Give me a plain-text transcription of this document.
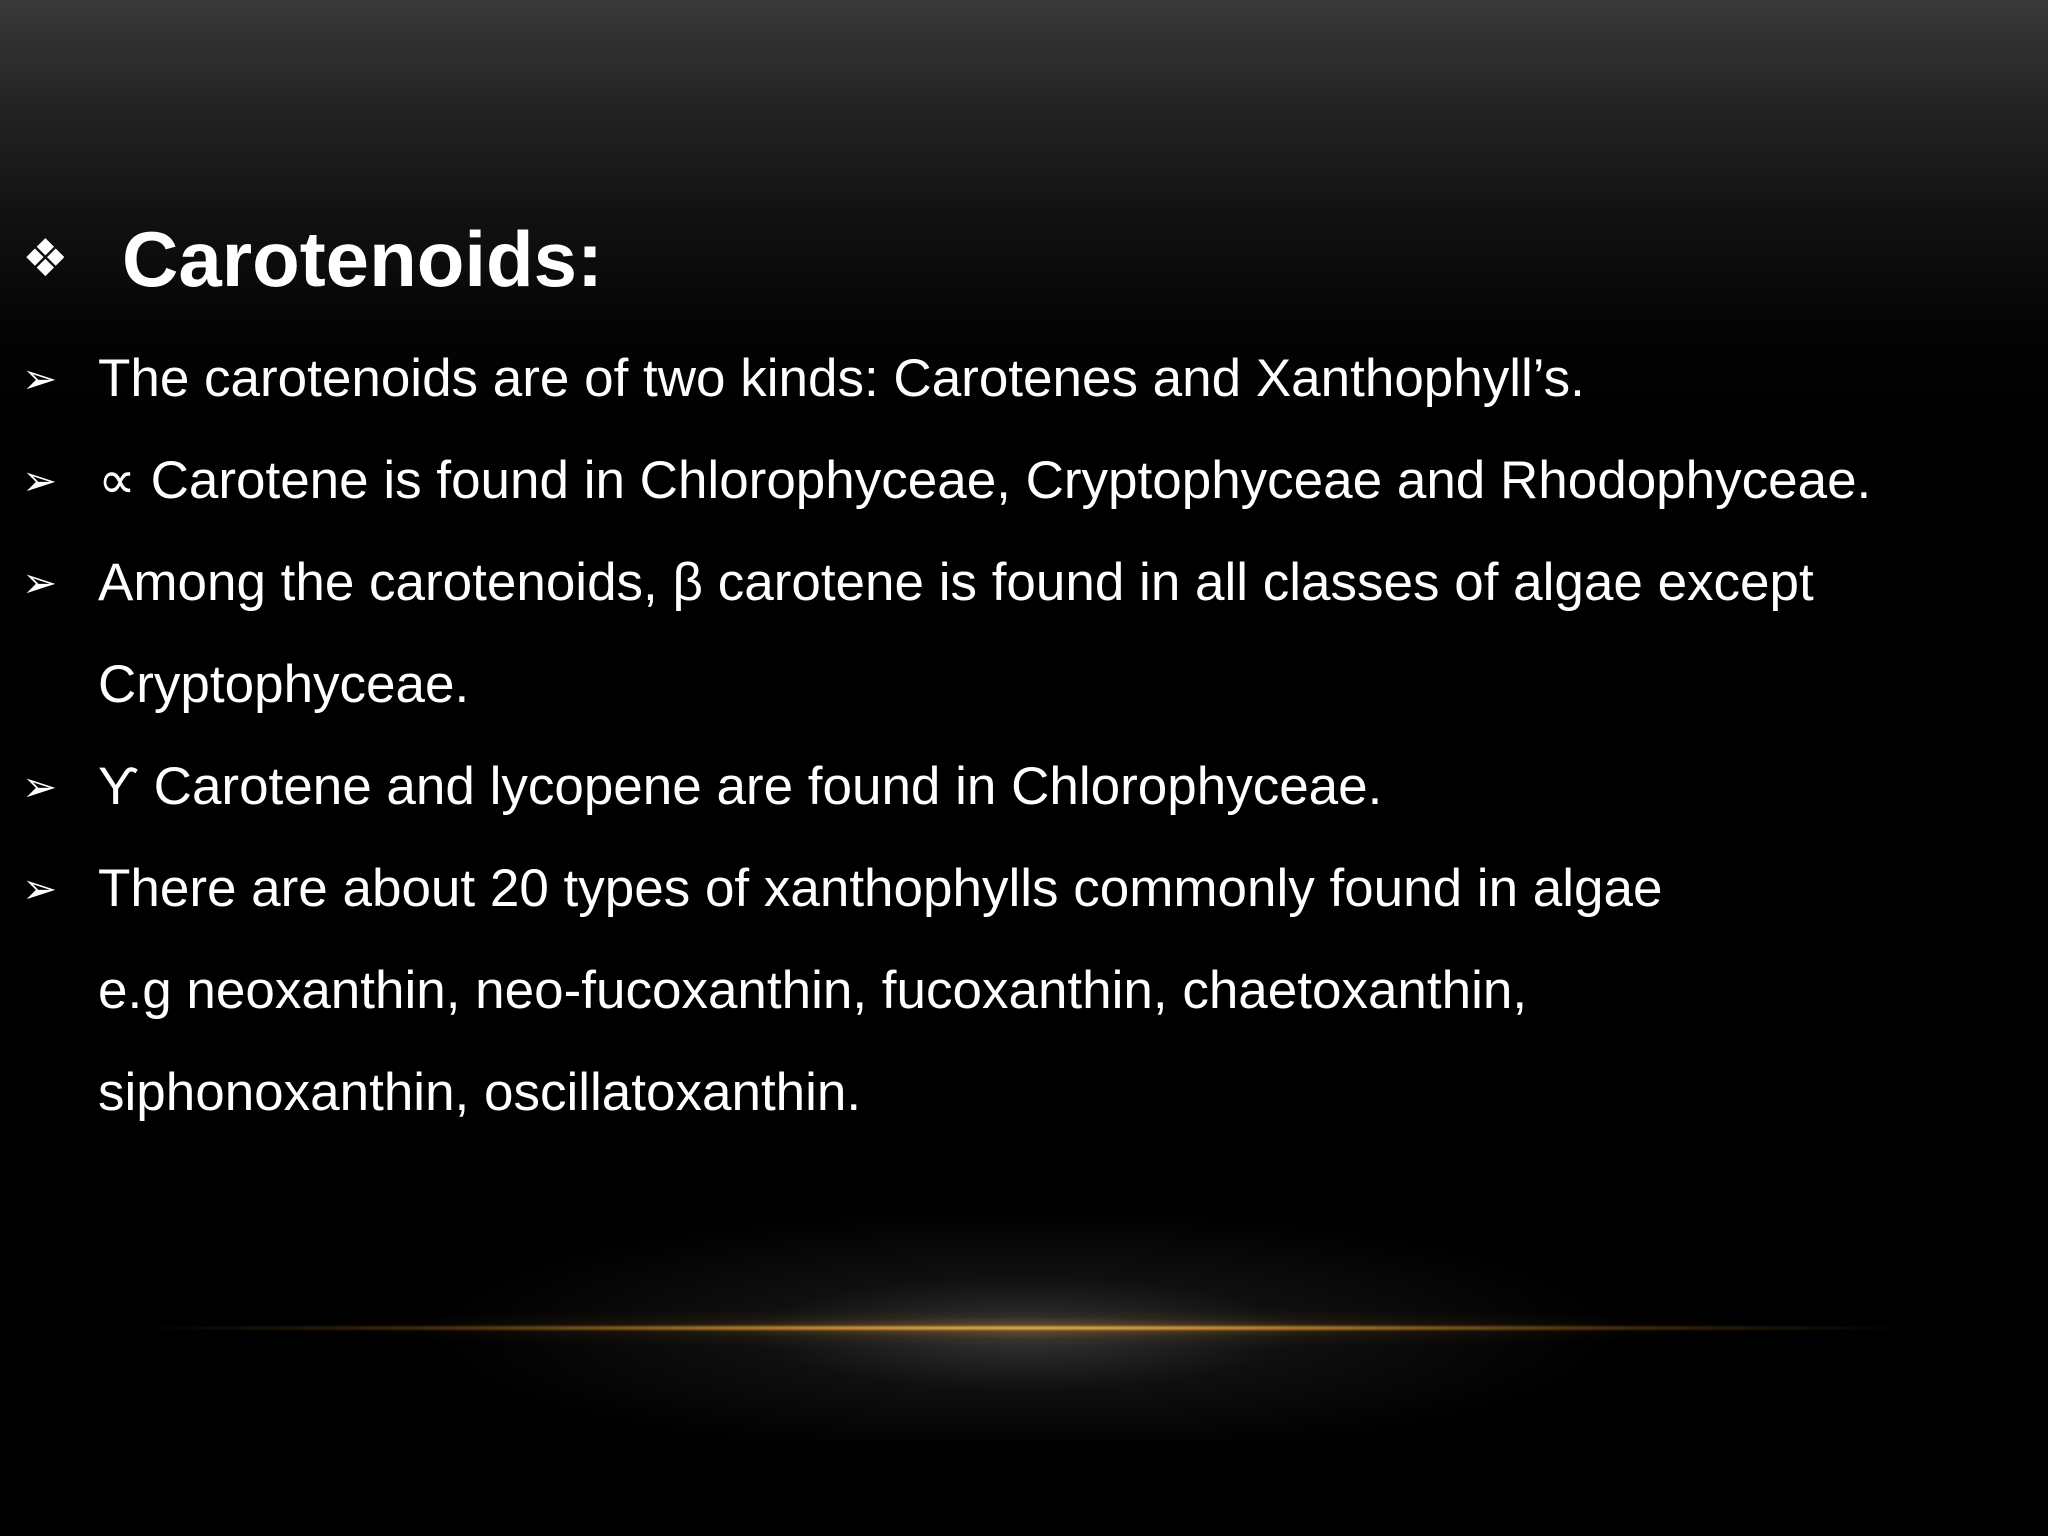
❖ Carotenoids:
➢ The carotenoids are of two kinds: Carotenes and Xanthophyll’s.
➢ ∝ Carotene is found in Chlorophyceae, Cryptophyceae and Rhodophyceae.
➢ Among the carotenoids, β carotene is found in all classes of algae except
Cryptophyceae.
➢ Ƴ Carotene and lycopene are found in Chlorophyceae.
➢ There are about 20 types of xanthophylls commonly found in algae
e.g neoxanthin, neo-fucoxanthin, fucoxanthin, chaetoxanthin,
siphonoxanthin, oscillatoxanthin.
